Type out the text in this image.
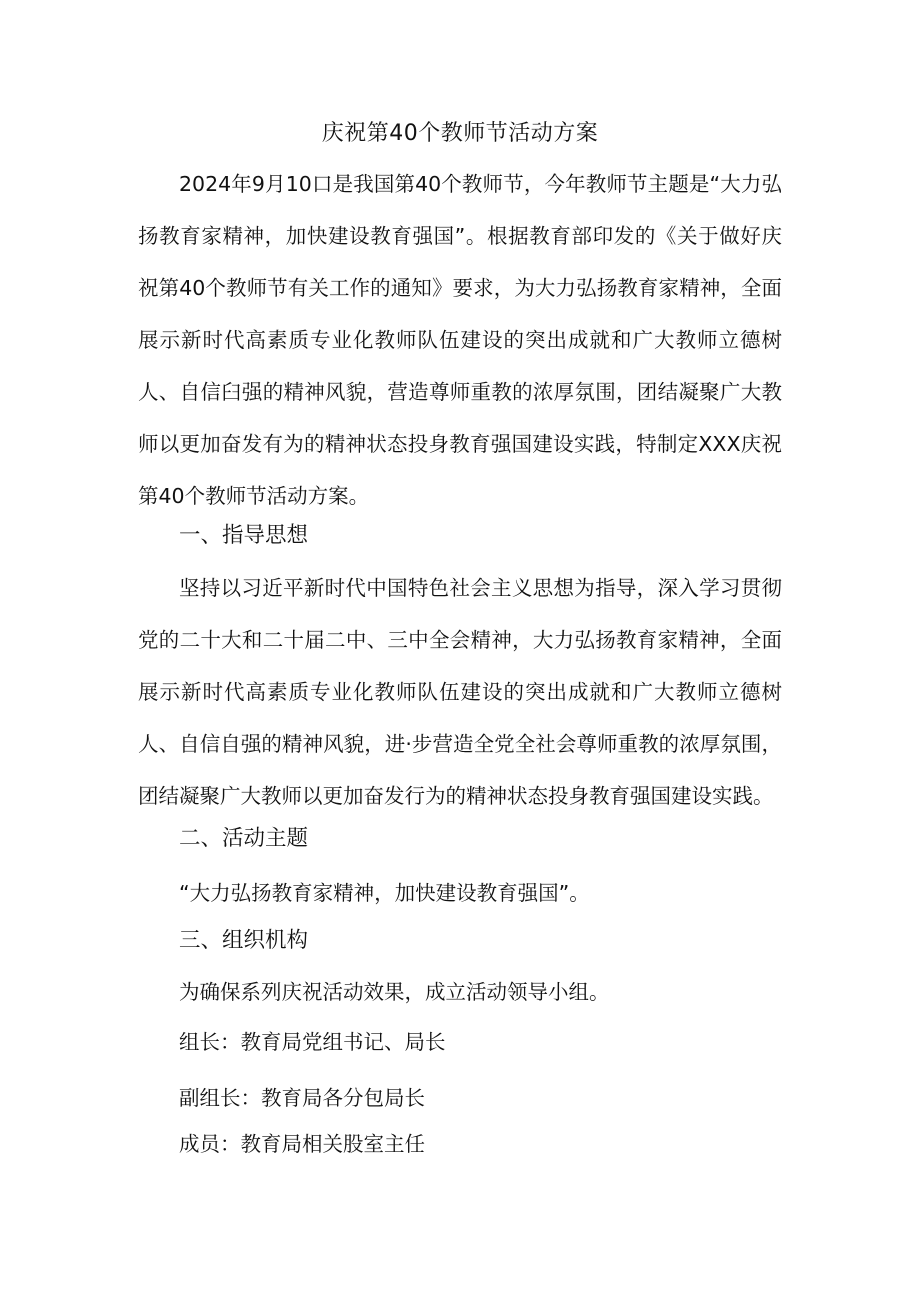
庆祝第40个教师节活动方案

2024年9月10口是我国第40个教师节，今年教师节主题是“大力弘扬教育家精神，加快建设教育强国”。根据教育部印发的《关于做好庆祝第40个教师节有关工作的通知》要求，为大力弘扬教育家精神，全面展示新时代高素质专业化教师队伍建设的突出成就和广大教师立德树人、自信臼强的精神风貌，营造尊师重教的浓厚氛围，团结凝聚广大教师以更加奋发有为的精神状态投身教育强国建设实践，特制定XXX庆祝第40个教师节活动方案。

一、指导思想

坚持以习近平新时代中国特色社会主义思想为指导，深入学习贯彻党的二十大和二十届二中、三中全会精神，大力弘扬教育家精神，全面展示新时代高素质专业化教师队伍建设的突出成就和广大教师立德树人、自信自强的精神风貌，进·步营造全党全社会尊师重教的浓厚氛围，团结凝聚广大教师以更加奋发行为的精神状态投身教育强国建设实践。

二、活动主题
“大力弘扬教育家精神，加快建设教育强国”。
三、组织机构
为确保系列庆祝活动效果，成立活动领导小组。
组长：教育局党组书记、局长
副组长：教育局各分包局长
成员：教育局相关股室主任
